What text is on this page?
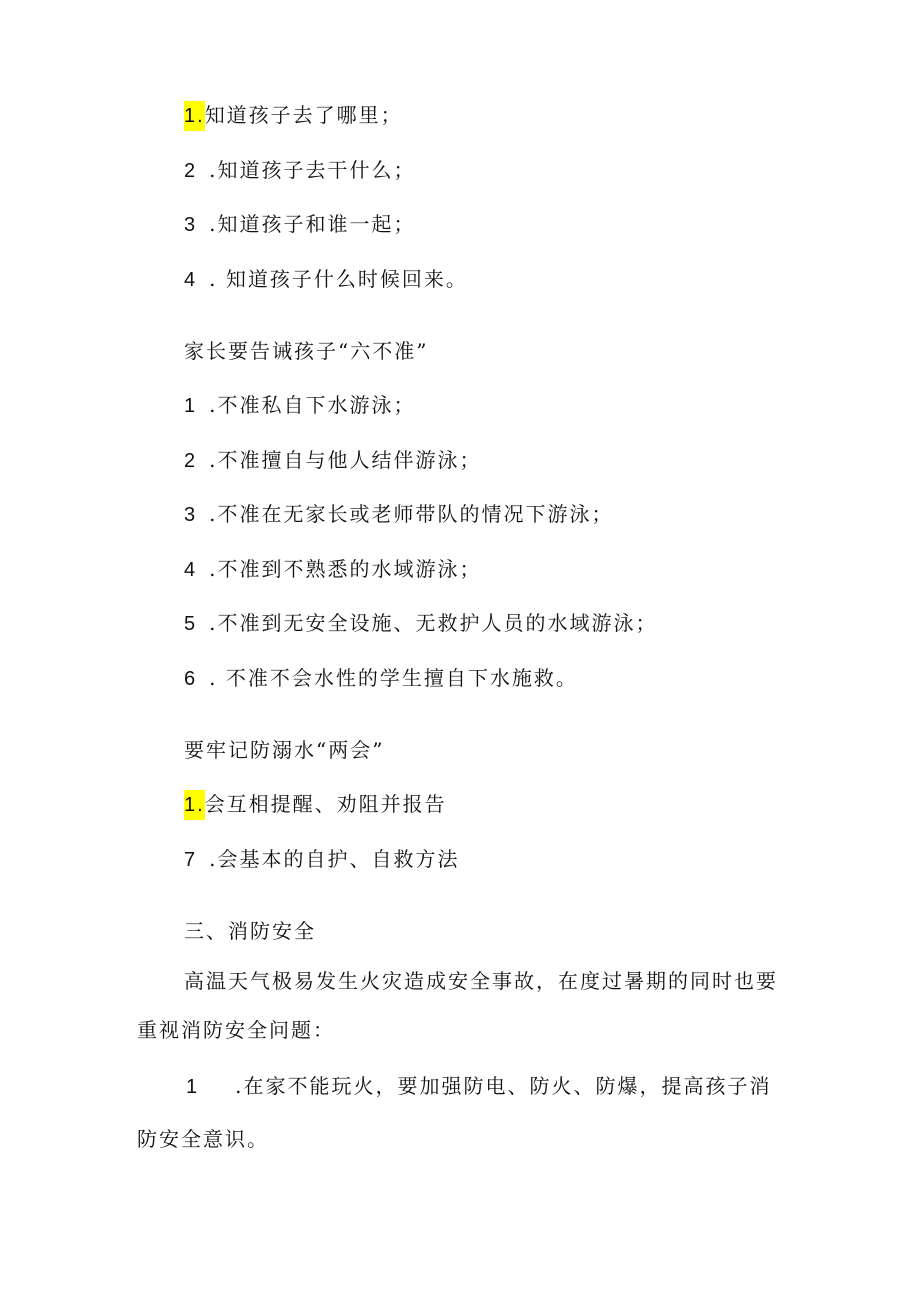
1.知道孩子去了哪里；
2 .知道孩子去干什么；
3 .知道孩子和谁一起；
4 . 知道孩子什么时候回来。
家长要告诫孩子“六不准”
1 .不准私自下水游泳；
2 .不准擅自与他人结伴游泳；
3 .不准在无家长或老师带队的情况下游泳；
4 .不准到不熟悉的水域游泳；
5 .不准到无安全设施、无救护人员的水域游泳；
6 . 不准不会水性的学生擅自下水施救。
要牢记防溺水“两会”
1.会互相提醒、劝阻并报告
7 .会基本的自护、自救方法
三、消防安全
高温天气极易发生火灾造成安全事故，在度过暑期的同时也要
重视消防安全问题：
1 .在家不能玩火，要加强防电、防火、防爆，提高孩子消
防安全意识。
